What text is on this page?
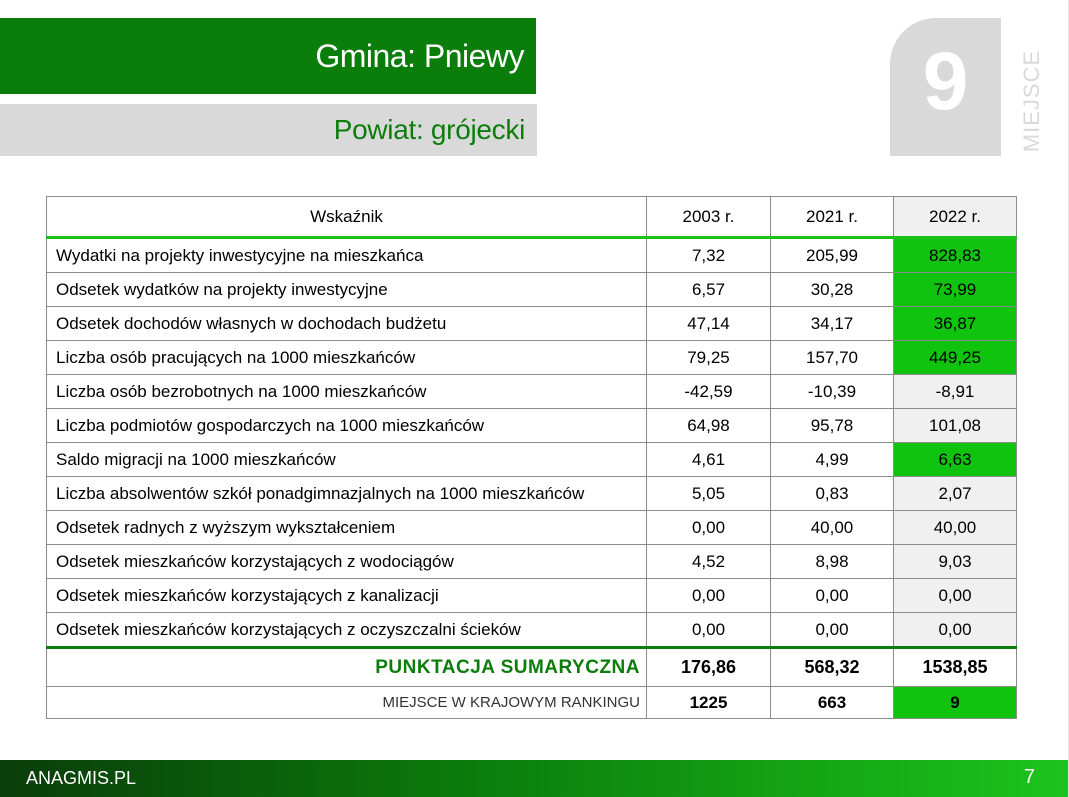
Gmina: Pniewy
Powiat: grójecki
9 MIEJSCE
Wskaźnik	2003 r.	2021 r.	2022 r.
Wydatki na projekty inwestycyjne na mieszkańca	7,32	205,99	828,83
Odsetek wydatków na projekty inwestycyjne	6,57	30,28	73,99
Odsetek dochodów własnych w dochodach budżetu	47,14	34,17	36,87
Liczba osób pracujących na 1000 mieszkańców	79,25	157,70	449,25
Liczba osób bezrobotnych na 1000 mieszkańców	-42,59	-10,39	-8,91
Liczba podmiotów gospodarczych na 1000 mieszkańców	64,98	95,78	101,08
Saldo migracji na 1000 mieszkańców	4,61	4,99	6,63
Liczba absolwentów szkół ponadgimnazjalnych na 1000 mieszkańców	5,05	0,83	2,07
Odsetek radnych z wyższym wykształceniem	0,00	40,00	40,00
Odsetek mieszkańców korzystających z wodociągów	4,52	8,98	9,03
Odsetek mieszkańców korzystających z kanalizacji	0,00	0,00	0,00
Odsetek mieszkańców korzystających z oczyszczalni ścieków	0,00	0,00	0,00
PUNKTACJA SUMARYCZNA	176,86	568,32	1538,85
MIEJSCE W KRAJOWYM RANKINGU	1225	663	9
ANAGMIS.PL	7
